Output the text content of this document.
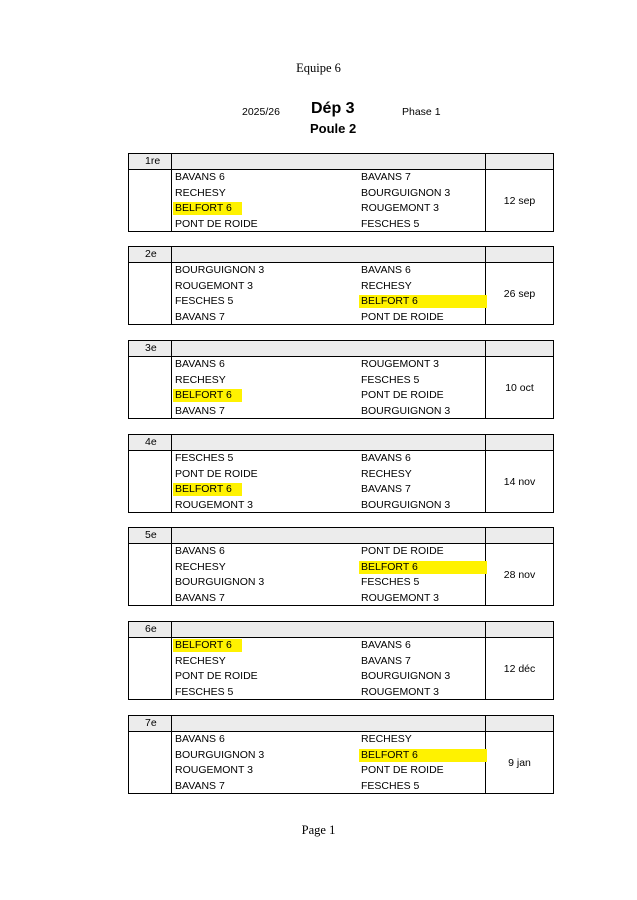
Equipe 6
2025/26 Dép 3	Phase 1
Poule 2
1re
BAVANS 6	BAVANS 7
RECHESY	BOURGUIGNON 3
BELFORT 6	ROUGEMONT 3
PONT DE ROIDE	FESCHES 5
12 sep
2e
BOURGUIGNON 3	BAVANS 6
ROUGEMONT 3	RECHESY
FESCHES 5	BELFORT 6
BAVANS 7	PONT DE ROIDE
26 sep
3e
BAVANS 6	ROUGEMONT 3
RECHESY	FESCHES 5
BELFORT 6	PONT DE ROIDE
BAVANS 7	BOURGUIGNON 3
10 oct
4e
FESCHES 5	BAVANS 6
PONT DE ROIDE	RECHESY
BELFORT 6	BAVANS 7
ROUGEMONT 3	BOURGUIGNON 3
14 nov
5e
BAVANS 6	PONT DE ROIDE
RECHESY	BELFORT 6
BOURGUIGNON 3	FESCHES 5
BAVANS 7	ROUGEMONT 3
28 nov
6e
BELFORT 6	BAVANS 6
RECHESY	BAVANS 7
PONT DE ROIDE	BOURGUIGNON 3
FESCHES 5	ROUGEMONT 3
12 déc
7e
BAVANS 6	RECHESY
BOURGUIGNON 3	BELFORT 6
ROUGEMONT 3	PONT DE ROIDE
BAVANS 7	FESCHES 5
9 jan
Page 1
